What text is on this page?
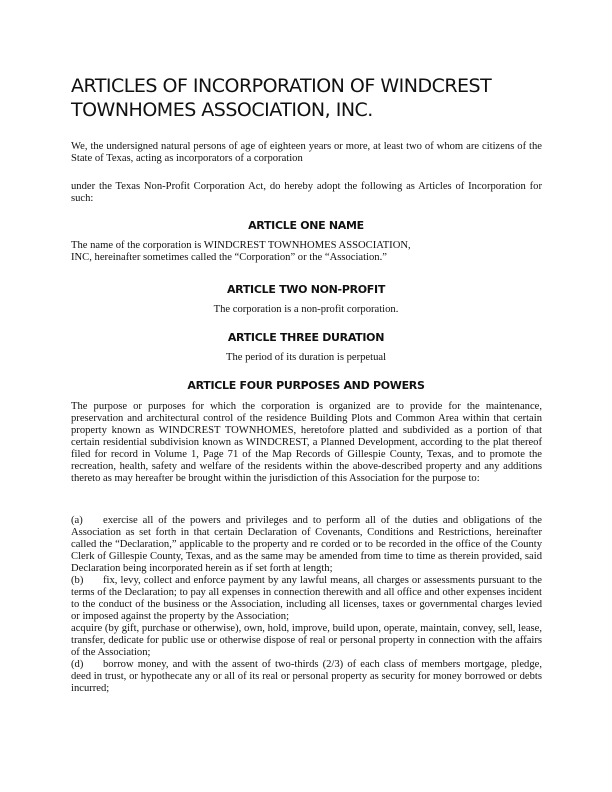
ARTICLES OF INCORPORATION OF WINDCREST
TOWNHOMES ASSOCIATION, INC.

We, the undersigned natural persons of age of eighteen years or more, at least two of whom are citizens of the State of Texas, acting as incorporators of a corporation

under the Texas Non-Profit Corporation Act, do hereby adopt the following as Articles of Incorporation for such:

ARTICLE ONE NAME

The name of the corporation is WINDCREST TOWNHOMES ASSOCIATION,
INC, hereinafter sometimes called the “Corporation” or the “Association.”

ARTICLE TWO NON-PROFIT

The corporation is a non-profit corporation.

ARTICLE THREE DURATION

The period of its duration is perpetual

ARTICLE FOUR PURPOSES AND POWERS

The purpose or purposes for which the corporation is organized are to provide for the maintenance, preservation and architectural control of the residence Building Plots and Common Area within that certain property known as WINDCREST TOWNHOMES, heretofore platted and subdivided as a portion of that certain residential subdivision known as WINDCREST, a Planned Development, according to the plat thereof filed for record in Volume 1, Page 71 of the Map Records of Gillespie County, Texas, and to promote the recreation, health, safety and welfare of the residents within the above-described property and any additions thereto as may hereafter be brought within the jurisdiction of this Association for the purpose to:

(a) exercise all of the powers and privileges and to perform all of the duties and obligations of the Association as set forth in that certain Declaration of Covenants, Conditions and Restrictions, hereinafter called the “Declaration,” applicable to the property and re corded or to be recorded in the office of the County Clerk of Gillespie County, Texas, and as the same may be amended from time to time as therein provided, said Declaration being incorporated herein as if set forth at length;
(b) fix, levy, collect and enforce payment by any lawful means, all charges or assessments pursuant to the terms of the Declaration; to pay all expenses in connection therewith and all office and other expenses incident to the conduct of the business or the Association, including all licenses, taxes or governmental charges levied or imposed against the property by the Association;
acquire (by gift, purchase or otherwise), own, hold, improve, build upon, operate, maintain, convey, sell, lease, transfer, dedicate for public use or otherwise dispose of real or personal property in connection with the affairs of the Association;
(d) borrow money, and with the assent of two-thirds (2/3) of each class of members mortgage, pledge, deed in trust, or hypothecate any or all of its real or personal property as security for money borrowed or debts incurred;
